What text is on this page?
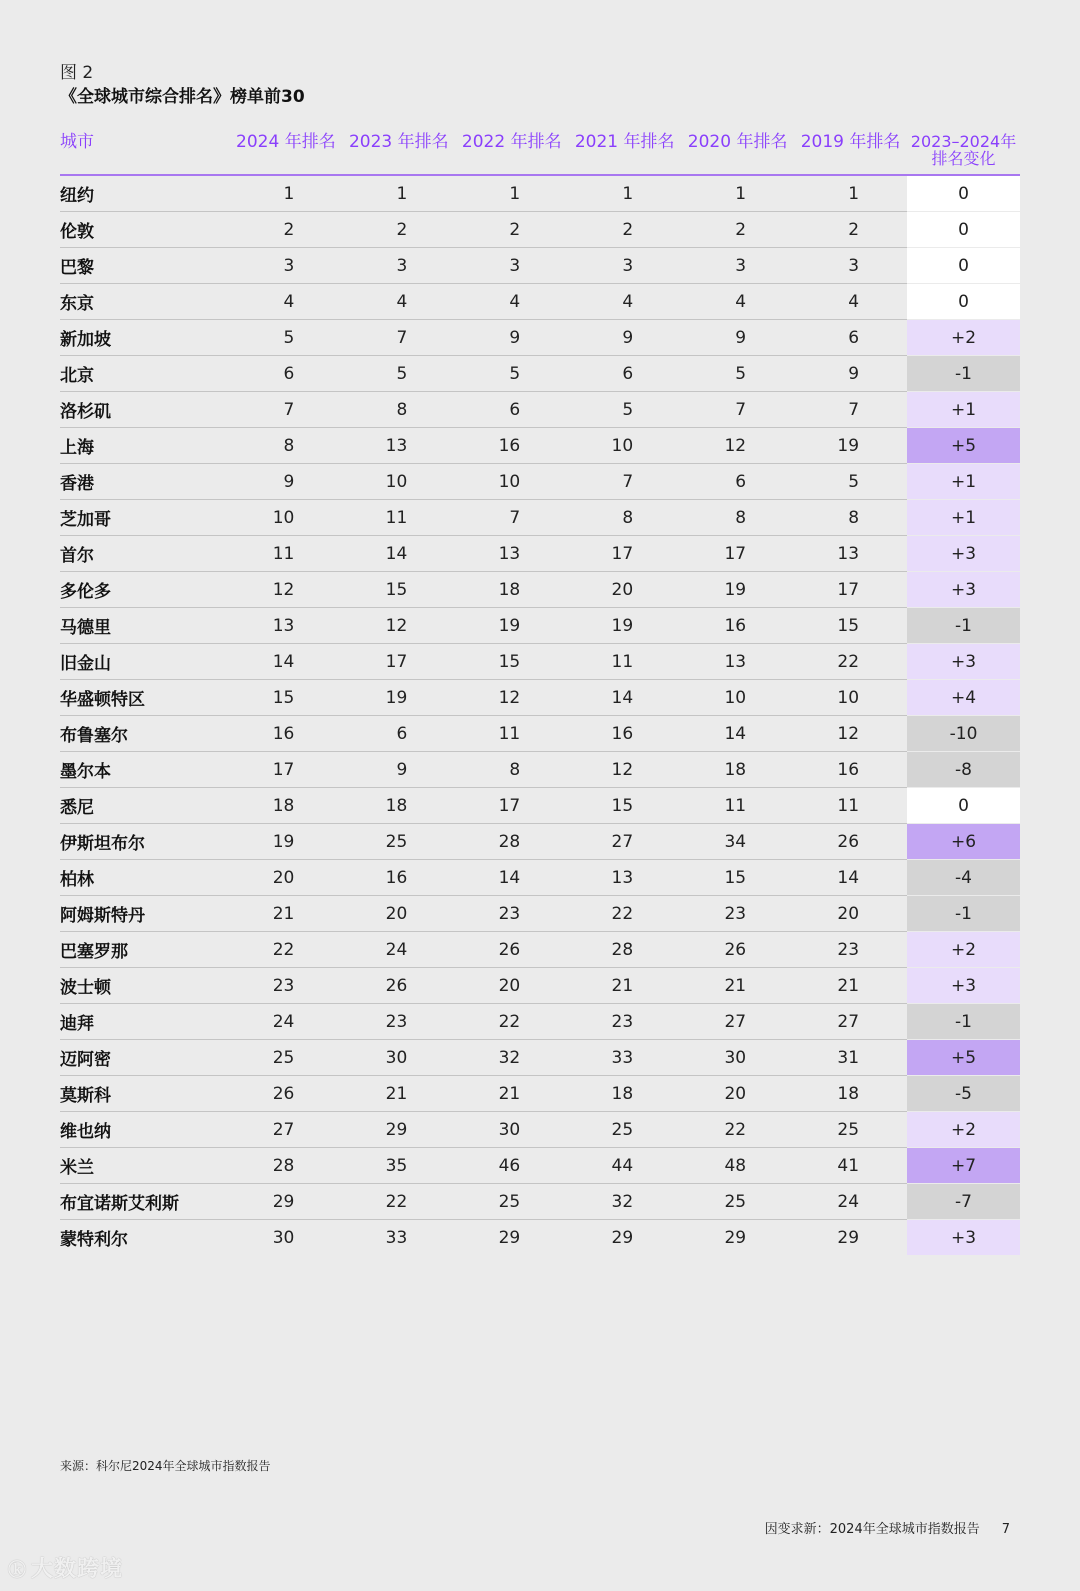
图 2
《全球城市综合排名》榜单前30
城市	2024 年排名	2023 年排名	2022 年排名	2021 年排名	2020 年排名	2019 年排名	2023–2024年排名变化
纽约	1	1	1	1	1	1	0
伦敦	2	2	2	2	2	2	0
巴黎	3	3	3	3	3	3	0
东京	4	4	4	4	4	4	0
新加坡	5	7	9	9	9	6	+2
北京	6	5	5	6	5	9	-1
洛杉矶	7	8	6	5	7	7	+1
上海	8	13	16	10	12	19	+5
香港	9	10	10	7	6	5	+1
芝加哥	10	11	7	8	8	8	+1
首尔	11	14	13	17	17	13	+3
多伦多	12	15	18	20	19	17	+3
马德里	13	12	19	19	16	15	-1
旧金山	14	17	15	11	13	22	+3
华盛顿特区	15	19	12	14	10	10	+4
布鲁塞尔	16	6	11	16	14	12	-10
墨尔本	17	9	8	12	18	16	-8
悉尼	18	18	17	15	11	11	0
伊斯坦布尔	19	25	28	27	34	26	+6
柏林	20	16	14	13	15	14	-4
阿姆斯特丹	21	20	23	22	23	20	-1
巴塞罗那	22	24	26	28	26	23	+2
波士顿	23	26	20	21	21	21	+3
迪拜	24	23	22	23	27	27	-1
迈阿密	25	30	32	33	30	31	+5
莫斯科	26	21	21	18	20	18	-5
维也纳	27	29	30	25	22	25	+2
米兰	28	35	46	44	48	41	+7
布宜诺斯艾利斯	29	22	25	32	25	24	-7
蒙特利尔	30	33	29	29	29	29	+3
来源：科尔尼2024年全球城市指数报告
因变求新：2024年全球城市指数报告 7
ⓚ 大数跨境
